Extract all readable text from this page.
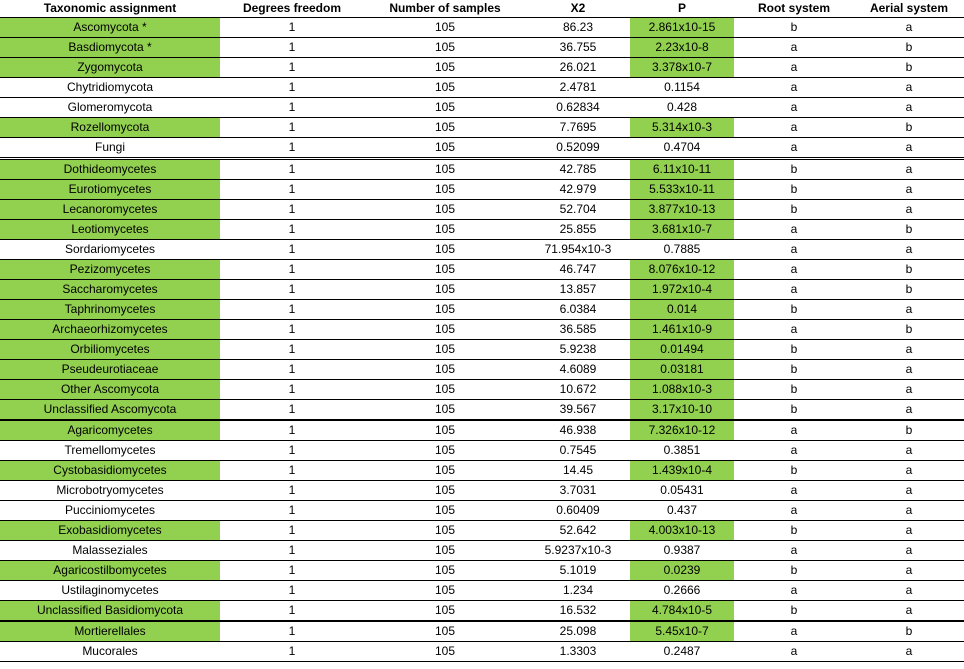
Taxonomic assignment	Degrees freedom	Number of samples	X2	P	Root system	Aerial system
Ascomycota *	1	105	86.23	2.861x10-15	b	a
Basdiomycota *	1	105	36.755	2.23x10-8	a	b
Zygomycota	1	105	26.021	3.378x10-7	a	b
Chytridiomycota	1	105	2.4781	0.1154	a	a
Glomeromycota	1	105	0.62834	0.428	a	a
Rozellomycota	1	105	7.7695	5.314x10-3	a	b
Fungi	1	105	0.52099	0.4704	a	a
Dothideomycetes	1	105	42.785	6.11x10-11	b	a
Eurotiomycetes	1	105	42.979	5.533x10-11	b	a
Lecanoromycetes	1	105	52.704	3.877x10-13	b	a
Leotiomycetes	1	105	25.855	3.681x10-7	a	b
Sordariomycetes	1	105	71.954x10-3	0.7885	a	a
Pezizomycetes	1	105	46.747	8.076x10-12	a	b
Saccharomycetes	1	105	13.857	1.972x10-4	a	b
Taphrinomycetes	1	105	6.0384	0.014	b	a
Archaeorhizomycetes	1	105	36.585	1.461x10-9	a	b
Orbiliomycetes	1	105	5.9238	0.01494	b	a
Pseudeurotiaceae	1	105	4.6089	0.03181	b	a
Other Ascomycota	1	105	10.672	1.088x10-3	b	a
Unclassified Ascomycota	1	105	39.567	3.17x10-10	b	a
Agaricomycetes	1	105	46.938	7.326x10-12	a	b
Tremellomycetes	1	105	0.7545	0.3851	a	a
Cystobasidiomycetes	1	105	14.45	1.439x10-4	b	a
Microbotryomycetes	1	105	3.7031	0.05431	a	a
Pucciniomycetes	1	105	0.60409	0.437	a	a
Exobasidiomycetes	1	105	52.642	4.003x10-13	b	a
Malasseziales	1	105	5.9237x10-3	0.9387	a	a
Agaricostilbomycetes	1	105	5.1019	0.0239	b	a
Ustilaginomycetes	1	105	1.234	0.2666	a	a
Unclassified Basidiomycota	1	105	16.532	4.784x10-5	b	a
Mortierellales	1	105	25.098	5.45x10-7	a	b
Mucorales	1	105	1.3303	0.2487	a	a
